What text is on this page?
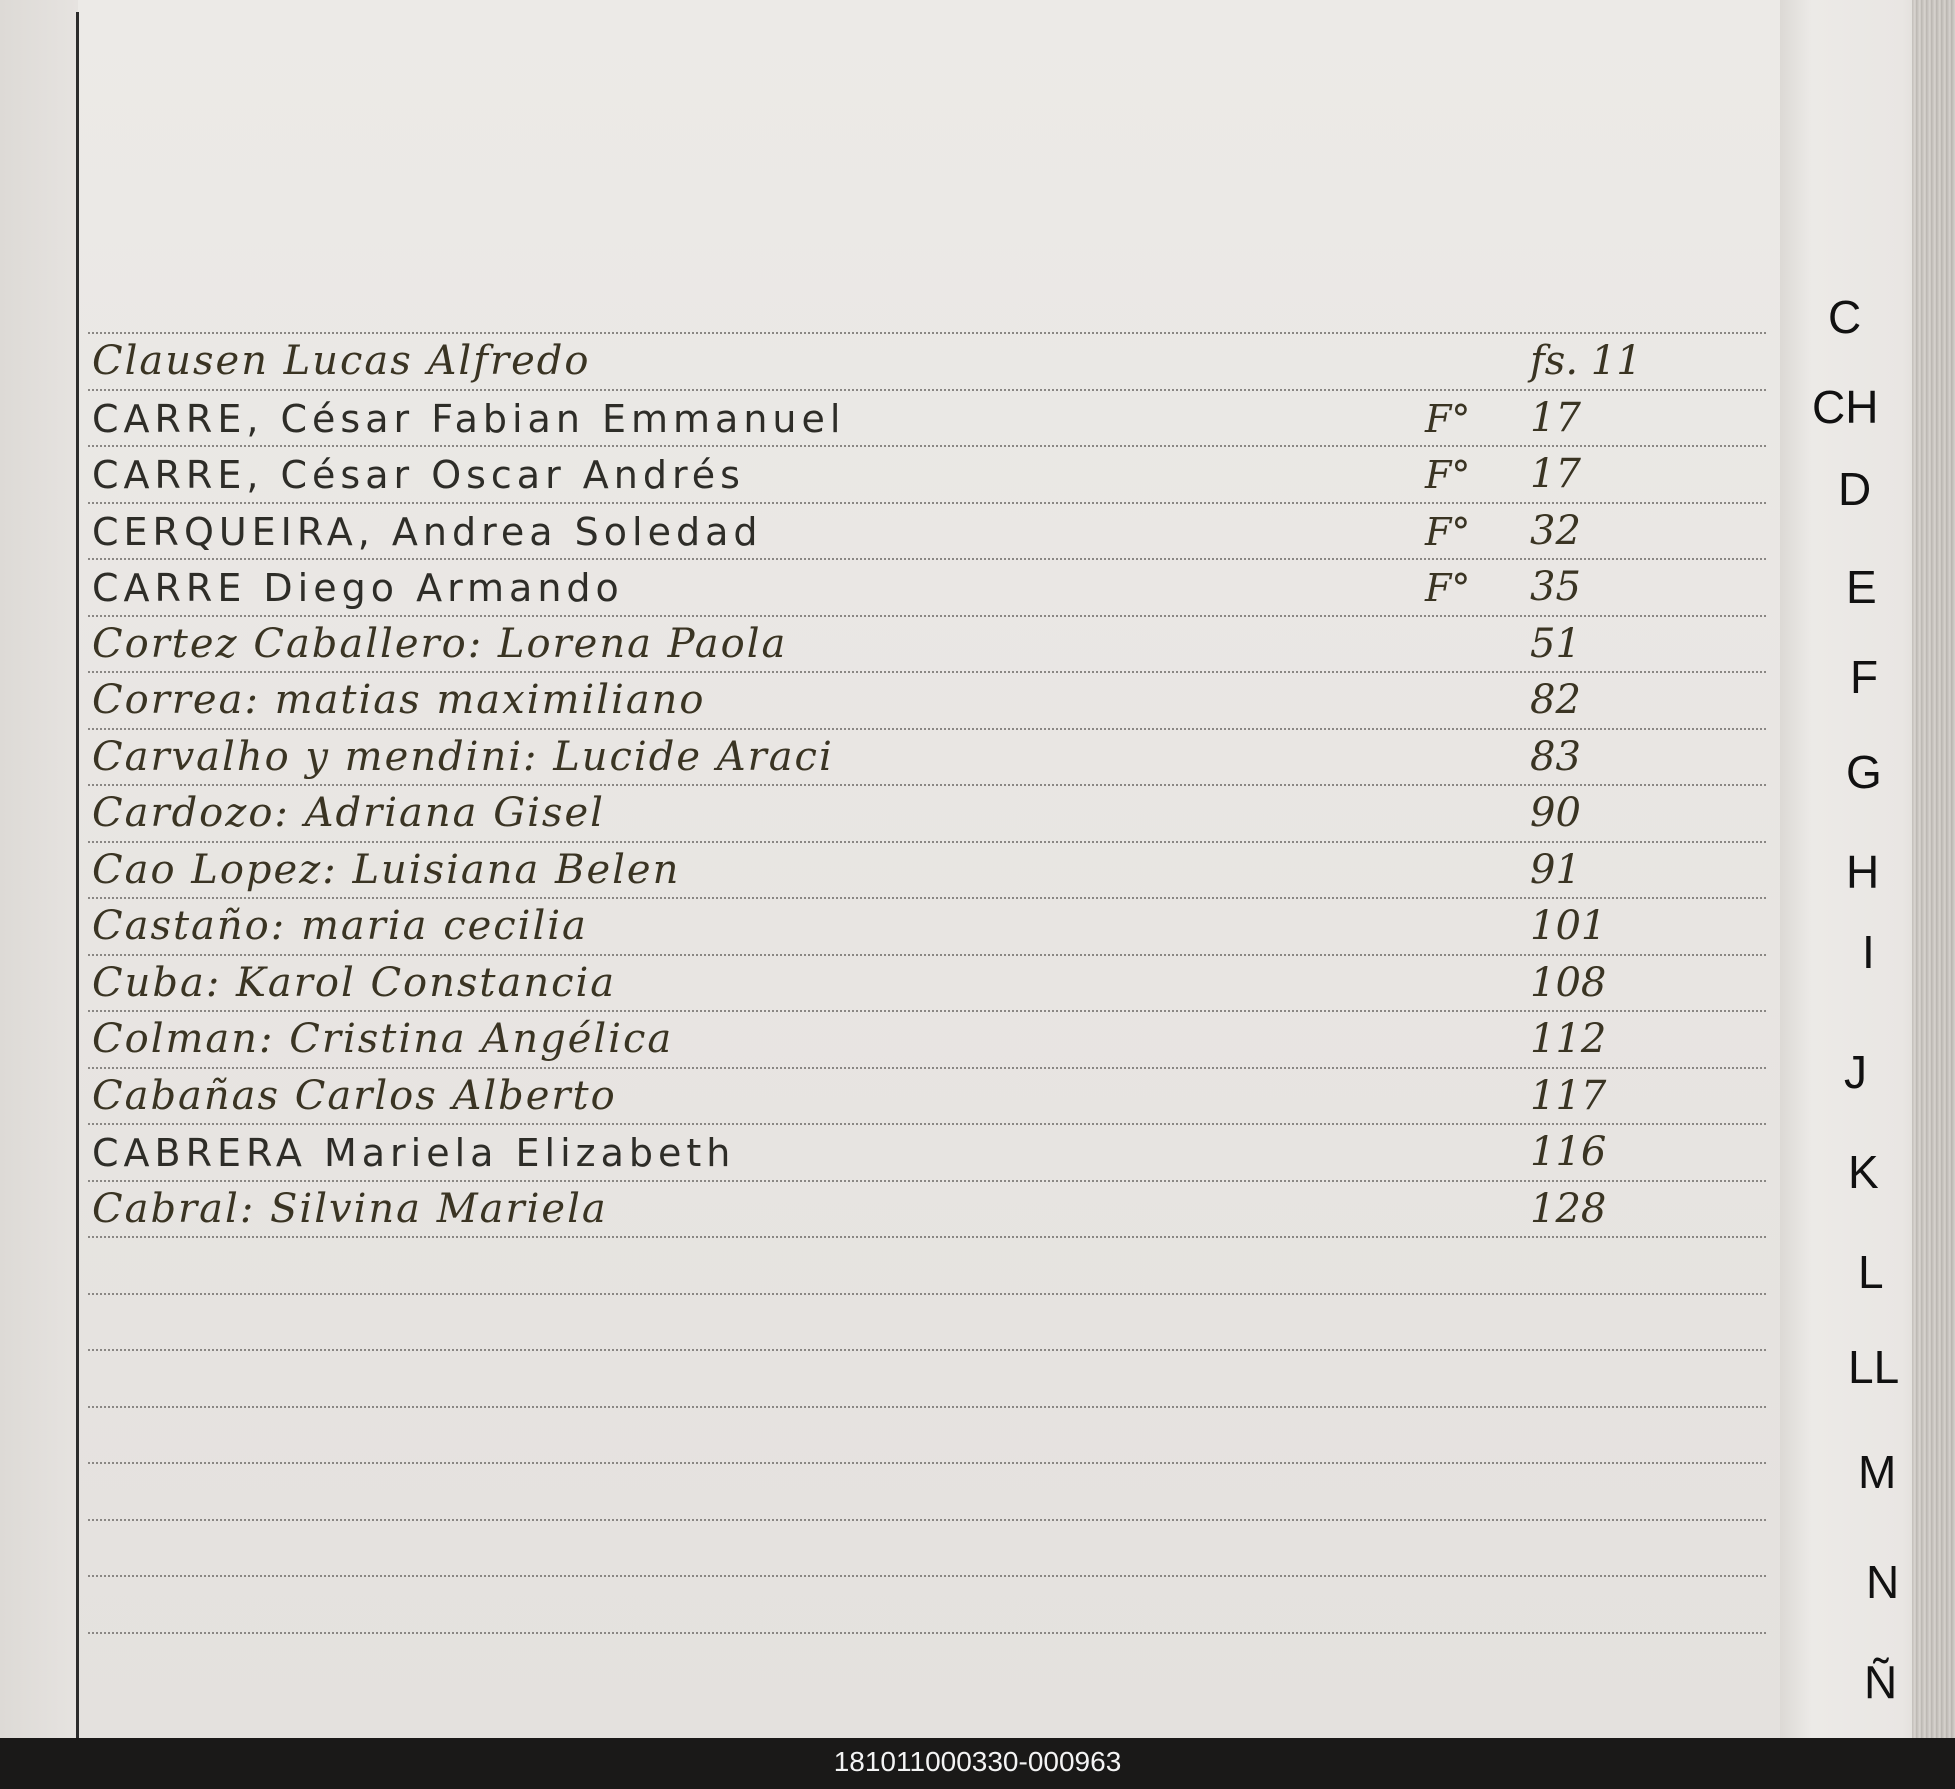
Clausen Lucas Alfredo	fs. 11
CARRE, César Fabian Emmanuel	F° 17
CARRE, César Oscar Andrés	F° 17
CERQUEIRA, Andrea Soledad	F° 32
CARRE Diego Armando	F° 35
Cortez Caballero: Lorena Paola	51
Correa: matias maximiliano	82
Carvalho y mendini: Lucide Araci	83
Cardozo: Adriana Gisel	90
Cao Lopez: Luisiana Belen	91
Castaño: maria cecilia	101
Cuba: Karol Constancia	108
Colman: Cristina Angélica	112
Cabañas Carlos Alberto	117
CABRERA Mariela Elizabeth	116
Cabral: Silvina Mariela	128
C
CH
D
E
F
G
H
I
J
K
L
LL
M
N
Ñ
181011000330-000963
